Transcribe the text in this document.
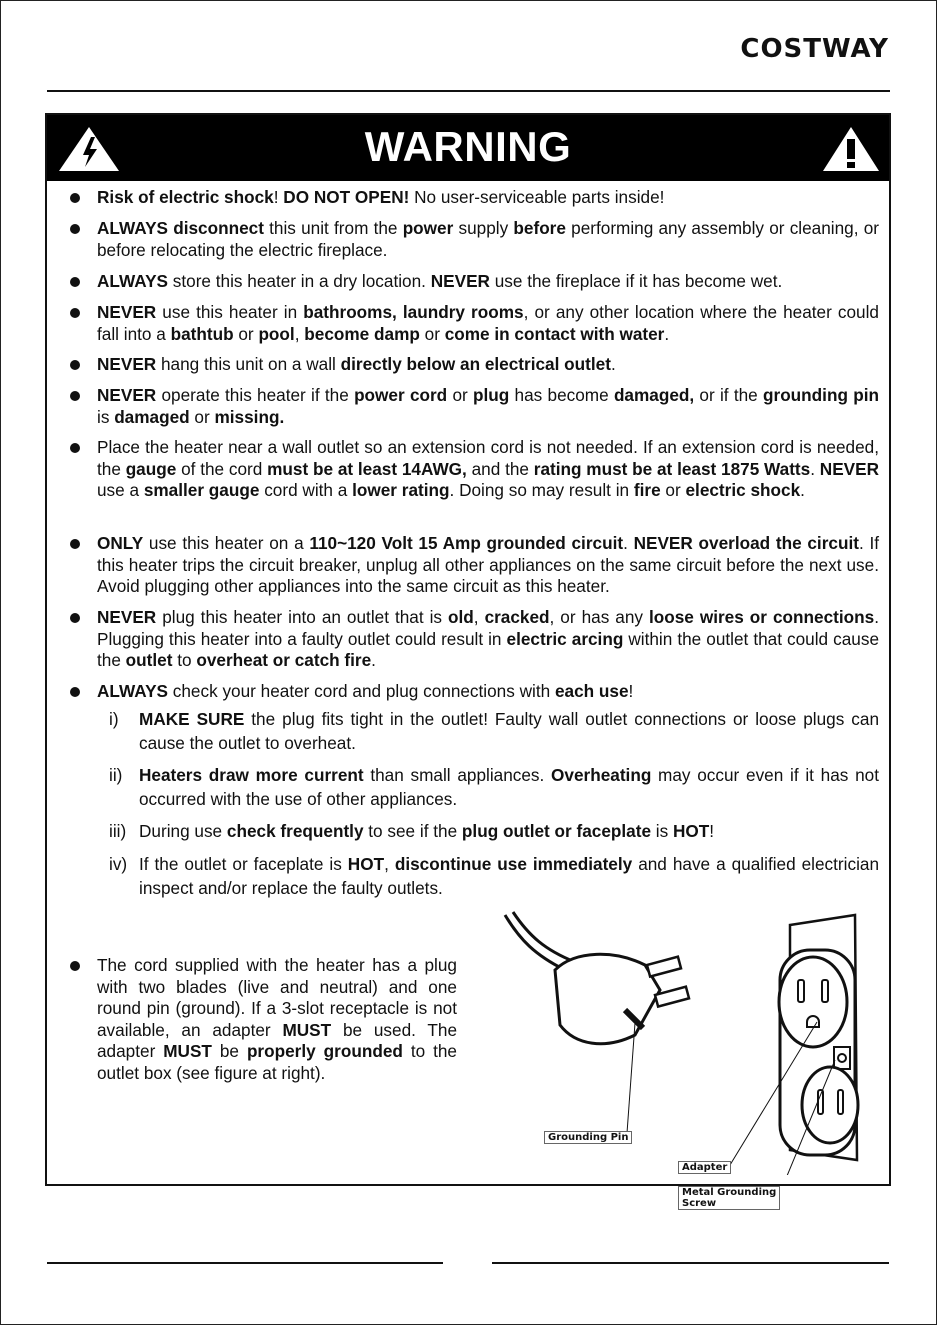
COSTWAY
WARNING
Risk of electric shock! DO NOT OPEN! No user-serviceable parts inside!
ALWAYS disconnect this unit from the power supply before performing any assembly or cleaning, or before relocating the electric fireplace.
ALWAYS store this heater in a dry location. NEVER use the fireplace if it has become wet.
NEVER use this heater in bathrooms, laundry rooms, or any other location where the heater could fall into a bathtub or pool, become damp or come in contact with water.
NEVER hang this unit on a wall directly below an electrical outlet.
NEVER operate this heater if the power cord or plug has become damaged, or if the grounding pin is damaged or missing.
Place the heater near a wall outlet so an extension cord is not needed. If an extension cord is needed, the gauge of the cord must be at least 14AWG, and the rating must be at least 1875 Watts. NEVER use a smaller gauge cord with a lower rating. Doing so may result in fire or electric shock.
ONLY use this heater on a 110~120 Volt 15 Amp grounded circuit. NEVER overload the circuit. If this heater trips the circuit breaker, unplug all other appliances on the same circuit before the next use. Avoid plugging other appliances into the same circuit as this heater.
NEVER plug this heater into an outlet that is old, cracked, or has any loose wires or connections. Plugging this heater into a faulty outlet could result in electric arcing within the outlet that could cause the outlet to overheat or catch fire.
ALWAYS check your heater cord and plug connections with each use!
i) MAKE SURE the plug fits tight in the outlet! Faulty wall outlet connections or loose plugs can cause the outlet to overheat.
ii) Heaters draw more current than small appliances. Overheating may occur even if it has not occurred with the use of other appliances.
iii) During use check frequently to see if the plug outlet or faceplate is HOT!
iv) If the outlet or faceplate is HOT, discontinue use immediately and have a qualified electrician inspect and/or replace the faulty outlets.
The cord supplied with the heater has a plug with two blades (live and neutral) and one round pin (ground). If a 3-slot receptacle is not available, an adapter MUST be used. The adapter MUST be properly grounded to the outlet box (see figure at right).
Grounding Pin
Adapter
Metal Grounding
Screw
